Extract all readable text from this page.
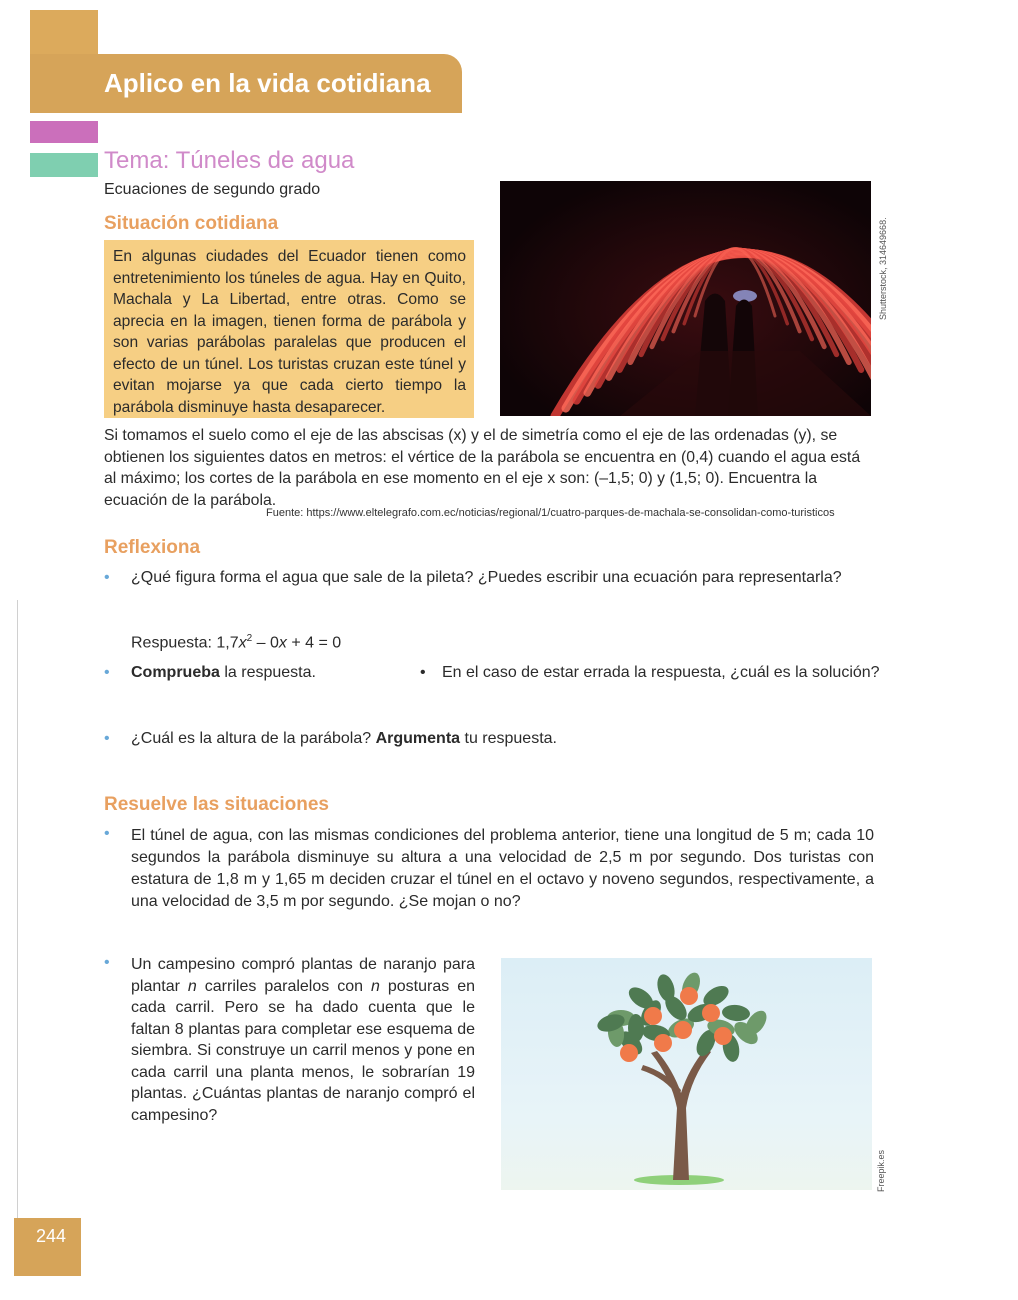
Aplico en la vida cotidiana
Tema: Túneles de agua
Ecuaciones de segundo grado
Situación cotidiana
En algunas ciudades del Ecuador tienen como entretenimiento los túneles de agua. Hay en Quito, Machala y La Libertad, entre otras. Como se aprecia en la imagen, tienen forma de parábola y son varias parábolas paralelas que producen el efecto de un túnel. Los turistas cruzan este túnel y evitan mojarse ya que cada cierto tiempo la parábola disminuye hasta desaparecer.
Shutterstock, 314649668.
Si tomamos el suelo como el eje de las abscisas (x) y el de simetría como el eje de las ordenadas (y), se obtienen los siguientes datos en metros: el vértice de la parábola se encuentra en (0,4) cuando el agua está al máximo; los cortes de la parábola en ese momento en el eje x son: (–1,5; 0) y (1,5; 0). Encuentra la ecuación de la parábola.
Fuente: https://www.eltelegrafo.com.ec/noticias/regional/1/cuatro-parques-de-machala-se-consolidan-como-turisticos
Reflexiona
• ¿Qué figura forma el agua que sale de la pileta? ¿Puedes escribir una ecuación para representarla?
Respuesta: $1,7x^2 - 0x + 4 = 0$
• Comprueba la respuesta.	• En el caso de estar errada la respuesta, ¿cuál es la solución?
• ¿Cuál es la altura de la parábola? Argumenta tu respuesta.
Resuelve las situaciones
• El túnel de agua, con las mismas condiciones del problema anterior, tiene una longitud de 5 m; cada 10 segundos la parábola disminuye su altura a una velocidad de 2,5 m por segundo. Dos turistas con estatura de 1,8 m y 1,65 m deciden cruzar el túnel en el octavo y noveno segundos, respectivamente, a una velocidad de 3,5 m por segundo. ¿Se mojan o no?
• Un campesino compró plantas de naranjo para plantar n carriles paralelos con n posturas en cada carril. Pero se ha dado cuenta que le faltan 8 plantas para completar ese esquema de siembra. Si construye un carril menos y pone en cada carril una planta menos, le sobrarían 19 plantas. ¿Cuántas plantas de naranjo compró el campesino?
Freepik.es
244
